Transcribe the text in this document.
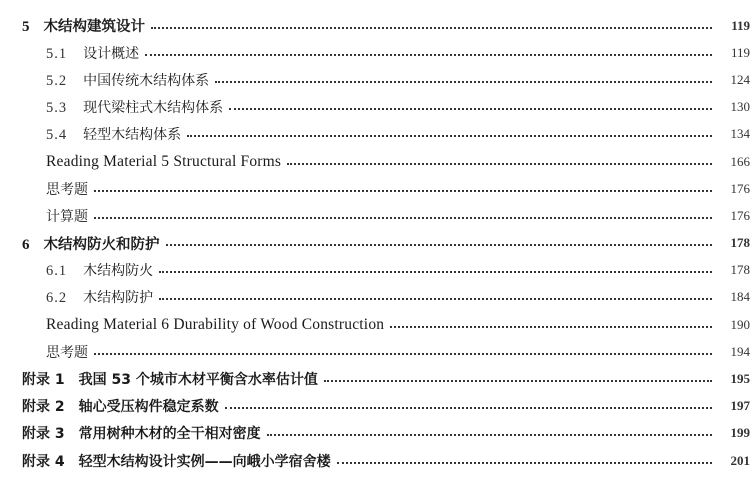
5 木结构建筑设计	119
5.1 设计概述	119
5.2 中国传统木结构体系	124
5.3 现代梁柱式木结构体系	130
5.4 轻型木结构体系	134
Reading Material 5 Structural Forms	166
思考题	176
计算题	176
6 木结构防火和防护	178
6.1 木结构防火	178
6.2 木结构防护	184
Reading Material 6 Durability of Wood Construction	190
思考题	194
附录 1 我国 53 个城市木材平衡含水率估计值	195
附录 2 轴心受压构件稳定系数	197
附录 3 常用树种木材的全干相对密度	199
附录 4 轻型木结构设计实例——向峨小学宿舍楼	201
